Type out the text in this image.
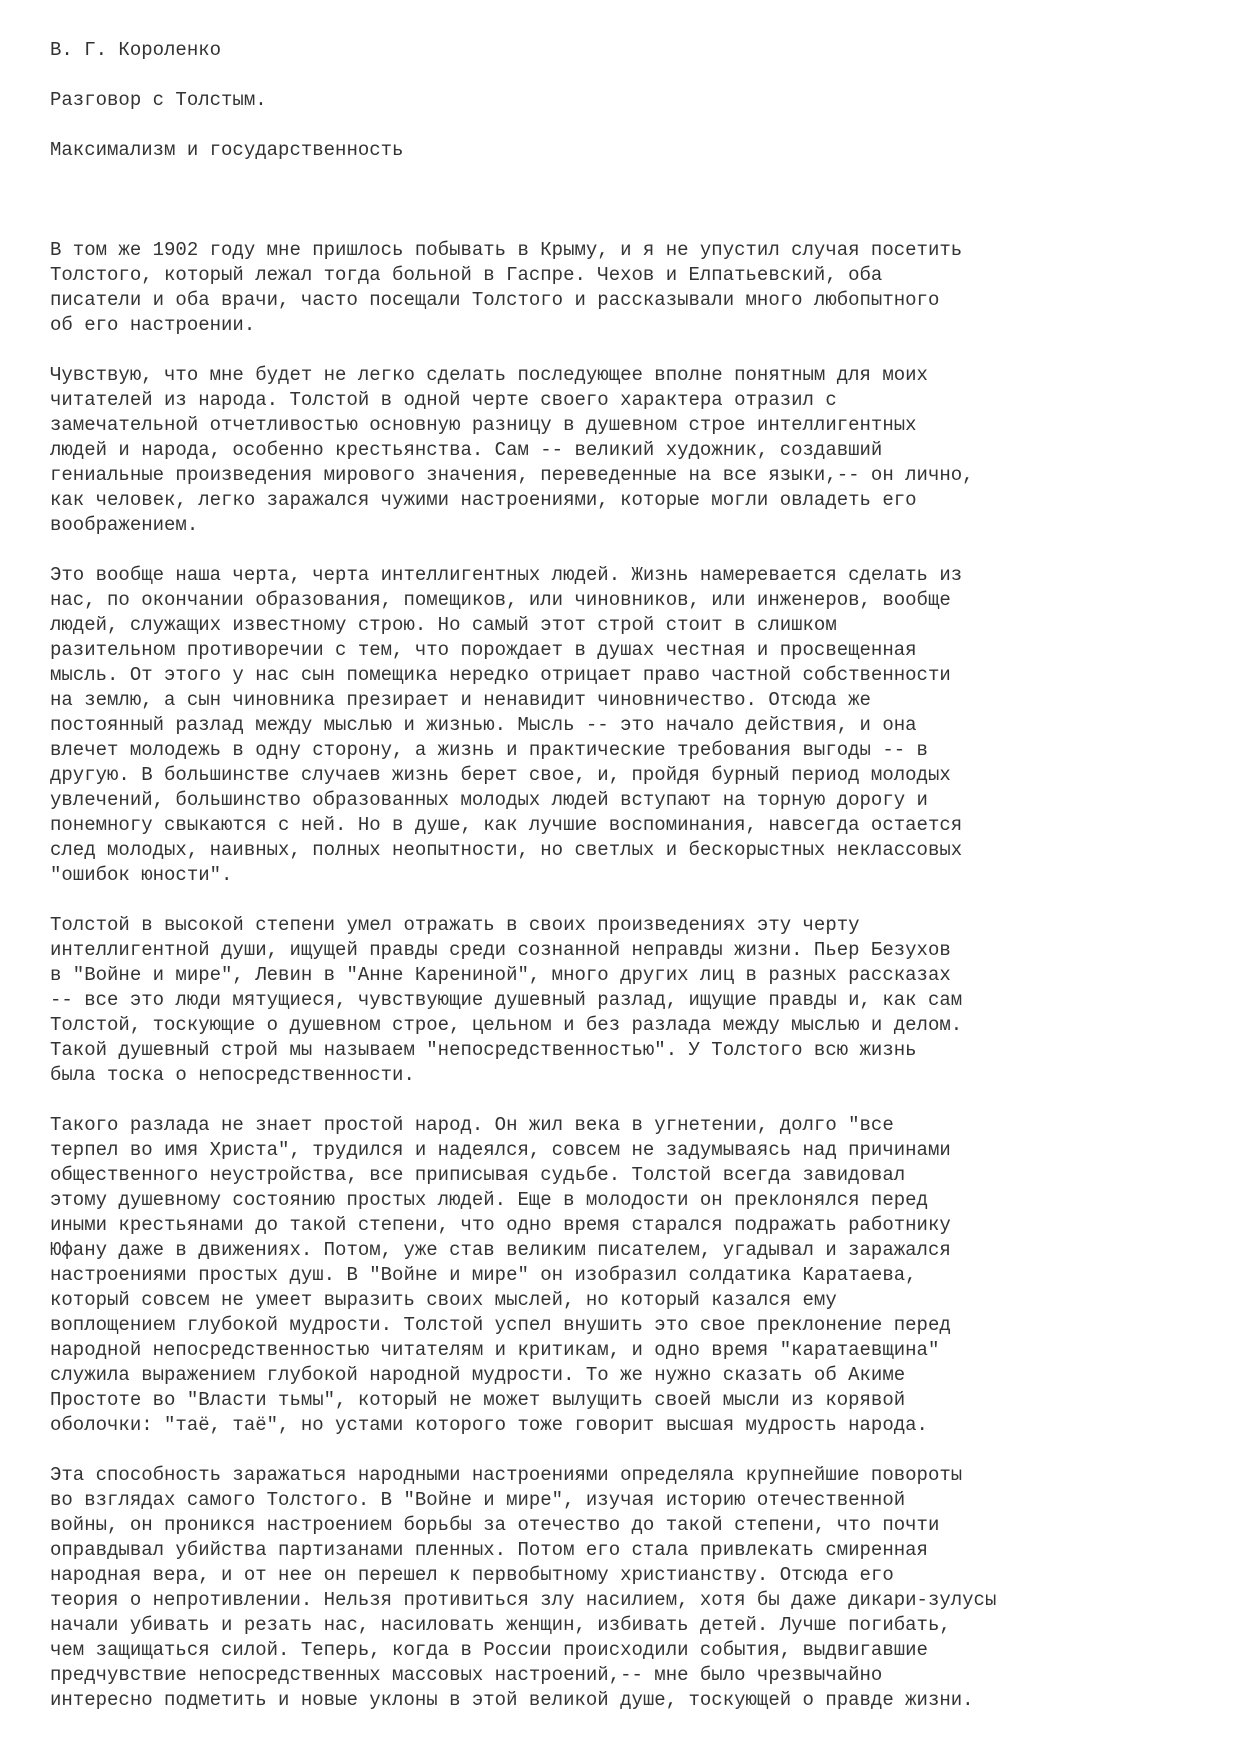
В. Г. Короленко
Разговор с Толстым.
Максимализм и государственность
В том же 1902 году мне пришлось побывать в Крыму, и я не упустил случая посетить
Толстого, который лежал тогда больной в Гаспре. Чехов и Елпатьевский, оба
писатели и оба врачи, часто посещали Толстого и рассказывали много любопытного
об его настроении.
Чувствую, что мне будет не легко сделать последующее вполне понятным для моих
читателей из народа. Толстой в одной черте своего характера отразил с
замечательной отчетливостью основную разницу в душевном строе интеллигентных
людей и народа, особенно крестьянства. Сам -- великий художник, создавший
гениальные произведения мирового значения, переведенные на все языки,-- он лично,
как человек, легко заражался чужими настроениями, которые могли овладеть его
воображением.
Это вообще наша черта, черта интеллигентных людей. Жизнь намеревается сделать из
нас, по окончании образования, помещиков, или чиновников, или инженеров, вообще
людей, служащих известному строю. Но самый этот строй стоит в слишком
разительном противоречии с тем, что порождает в душах честная и просвещенная
мысль. От этого у нас сын помещика нередко отрицает право частной собственности
на землю, а сын чиновника презирает и ненавидит чиновничество. Отсюда же
постоянный разлад между мыслью и жизнью. Мысль -- это начало действия, и она
влечет молодежь в одну сторону, а жизнь и практические требования выгоды -- в
другую. В большинстве случаев жизнь берет свое, и, пройдя бурный период молодых
увлечений, большинство образованных молодых людей вступают на торную дорогу и
понемногу свыкаются с ней. Но в душе, как лучшие воспоминания, навсегда остается
след молодых, наивных, полных неопытности, но светлых и бескорыстных неклассовых
"ошибок юности".
Толстой в высокой степени умел отражать в своих произведениях эту черту
интеллигентной души, ищущей правды среди сознанной неправды жизни. Пьер Безухов
в "Войне и мире", Левин в "Анне Карениной", много других лиц в разных рассказах
-- все это люди мятущиеся, чувствующие душевный разлад, ищущие правды и, как сам
Толстой, тоскующие о душевном строе, цельном и без разлада между мыслью и делом.
Такой душевный строй мы называем "непосредственностью". У Толстого всю жизнь
была тоска о непосредственности.
Такого разлада не знает простой народ. Он жил века в угнетении, долго "все
терпел во имя Христа", трудился и надеялся, совсем не задумываясь над причинами
общественного неустройства, все приписывая судьбе. Толстой всегда завидовал
этому душевному состоянию простых людей. Еще в молодости он преклонялся перед
иными крестьянами до такой степени, что одно время старался подражать работнику
Юфану даже в движениях. Потом, уже став великим писателем, угадывал и заражался
настроениями простых душ. В "Войне и мире" он изобразил солдатика Каратаева,
который совсем не умеет выразить своих мыслей, но который казался ему
воплощением глубокой мудрости. Толстой успел внушить это свое преклонение перед
народной непосредственностью читателям и критикам, и одно время "каратаевщина"
служила выражением глубокой народной мудрости. То же нужно сказать об Акиме
Простоте во "Власти тьмы", который не может вылущить своей мысли из корявой
оболочки: "таё, таё", но устами которого тоже говорит высшая мудрость народа.
Эта способность заражаться народными настроениями определяла крупнейшие повороты
во взглядах самого Толстого. В "Войне и мире", изучая историю отечественной
войны, он проникся настроением борьбы за отечество до такой степени, что почти
оправдывал убийства партизанами пленных. Потом его стала привлекать смиренная
народная вера, и от нее он перешел к первобытному христианству. Отсюда его
теория о непротивлении. Нельзя противиться злу насилием, хотя бы даже дикари-зулусы
начали убивать и резать нас, насиловать женщин, избивать детей. Лучше погибать,
чем защищаться силой. Теперь, когда в России происходили события, выдвигавшие
предчувствие непосредственных массовых настроений,-- мне было чрезвычайно
интересно подметить и новые уклоны в этой великой душе, тоскующей о правде жизни.
